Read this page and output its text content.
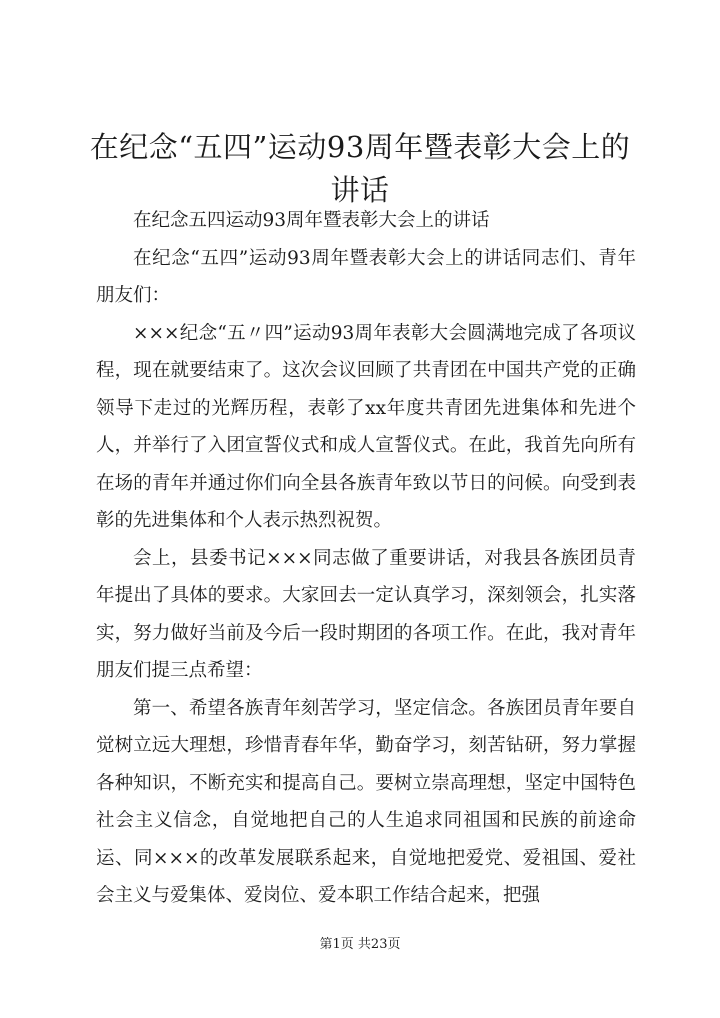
在纪念“五四”运动93周年暨表彰大会上的讲话

在纪念五四运动93周年暨表彰大会上的讲话

在纪念“五四”运动93周年暨表彰大会上的讲话同志们、青年朋友们：

×××纪念“五〃四”运动93周年表彰大会圆满地完成了各项议程，现在就要结束了。这次会议回顾了共青团在中国共产党的正确领导下走过的光辉历程，表彰了xx年度共青团先进集体和先进个人，并举行了入团宣誓仪式和成人宣誓仪式。在此，我首先向所有在场的青年并通过你们向全县各族青年致以节日的问候。向受到表彰的先进集体和个人表示热烈祝贺。

会上，县委书记×××同志做了重要讲话，对我县各族团员青年提出了具体的要求。大家回去一定认真学习，深刻领会，扎实落实，努力做好当前及今后一段时期团的各项工作。在此，我对青年朋友们提三点希望：

第一、希望各族青年刻苦学习，坚定信念。各族团员青年要自觉树立远大理想，珍惜青春年华，勤奋学习，刻苦钻研，努力掌握各种知识，不断充实和提高自己。要树立崇高理想，坚定中国特色社会主义信念，自觉地把自己的人生追求同祖国和民族的前途命运、同×××的改革发展联系起来，自觉地把爱党、爱祖国、爱社会主义与爱集体、爱岗位、爱本职工作结合起来，把强

第1页 共23页
